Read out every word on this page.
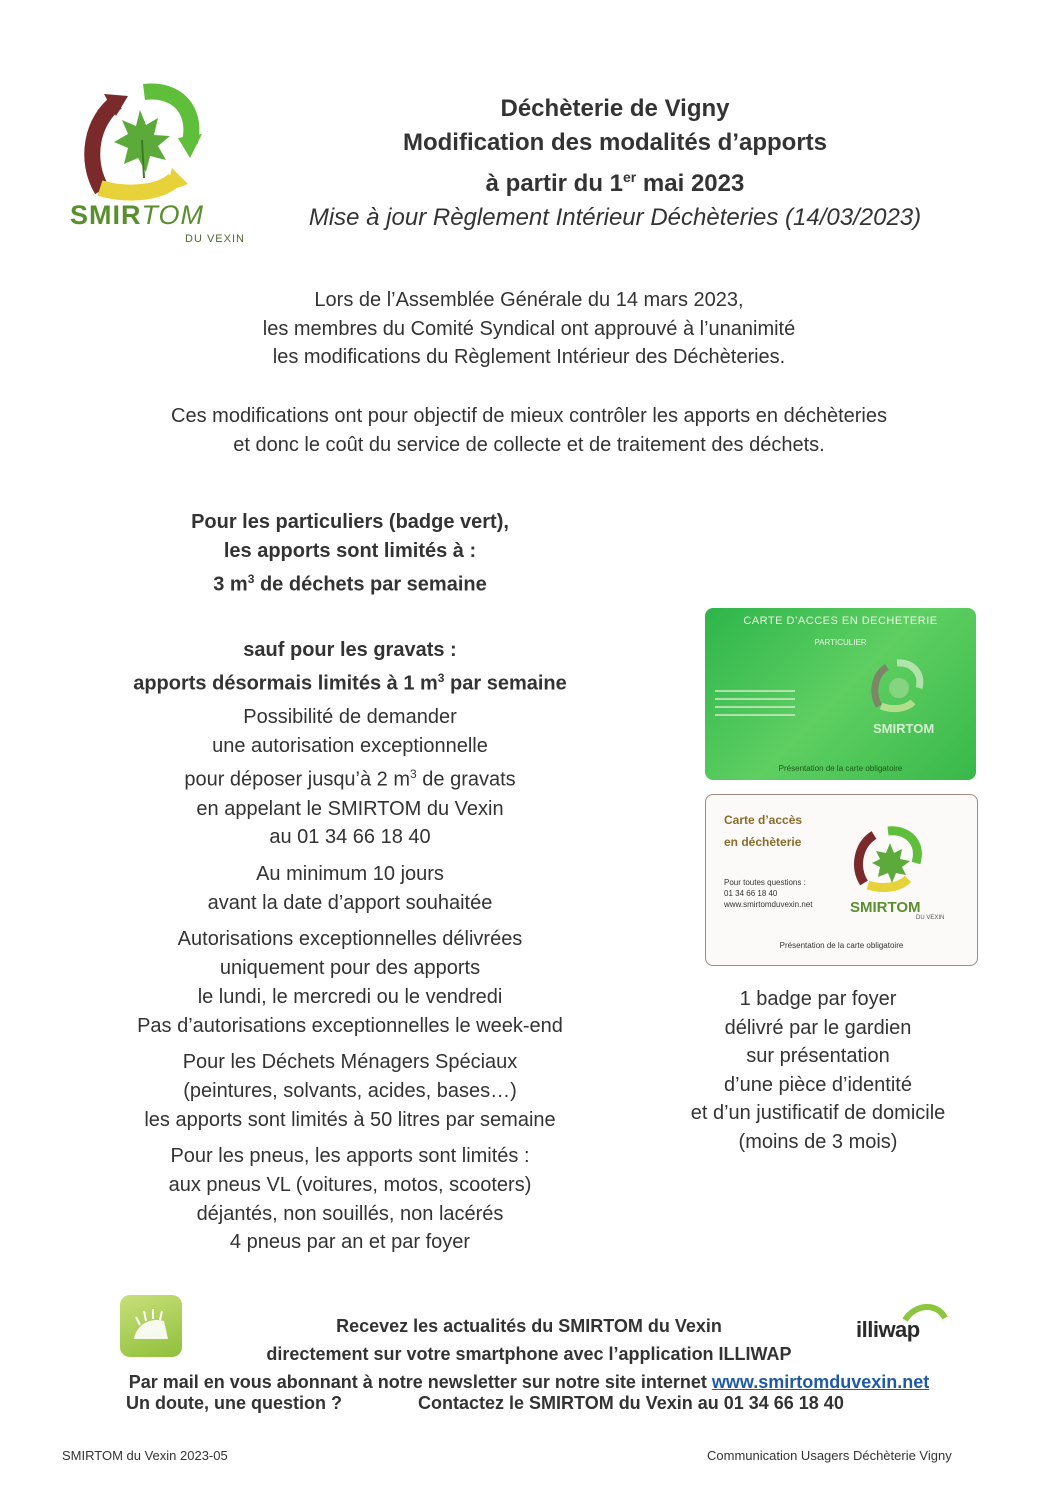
SMIRTOM
DU VEXIN

Déchèterie de Vigny

Modification des modalités d’apports

à partir du 1er mai 2023

Mise à jour Règlement Intérieur Déchèteries (14/03/2023)

Lors de l’Assemblée Générale du 14 mars 2023,

les membres du Comité Syndical ont approuvé à l’unanimité

les modifications du Règlement Intérieur des Déchèteries.

Ces modifications ont pour objectif de mieux contrôler les apports en déchèteries

et donc le coût du service de collecte et de traitement des déchets.

Pour les particuliers (badge vert),

les apports sont limités à :

3 $m^3$ de déchets par semaine

sauf pour les gravats :

apports désormais limités à 1 $m^3$ par semaine

Possibilité de demander

une autorisation exceptionnelle

pour déposer jusqu’à 2 $m^3$ de gravats

en appelant le SMIRTOM du Vexin

au 01 34 66 18 40

Au minimum 10 jours

avant la date d’apport souhaitée

Autorisations exceptionnelles délivrées

uniquement pour des apports

le lundi, le mercredi ou le vendredi

Pas d’autorisations exceptionnelles le week-end

Pour les Déchets Ménagers Spéciaux

(peintures, solvants, acides, bases…)

les apports sont limités à 50 litres par semaine

Pour les pneus, les apports sont limités :

aux pneus VL (voitures, motos, scooters)

déjantés, non souillés, non lacérés

4 pneus par an et par foyer

CARTE D’ACCES EN DECHETERIE
PARTICULIER
SMIRTOM
Présentation de la carte obligatoire

Carte d’accès

en déchèterie

Pour toutes questions :

01 34 66 18 40

www.smirtomduvexin.net	SMIRTOM
DU VEXIN
Présentation de la carte obligatoire

1 badge par foyer

délivré par le gardien

sur présentation

d’une pièce d’identité

et d’un justificatif de domicile

(moins de 3 mois)

illiwap

Recevez les actualités du SMIRTOM du Vexin

directement sur votre smartphone avec l’application ILLIWAP

Par mail en vous abonnant à notre newsletter sur notre site internet www.smirtomduvexin.net

Un doute, une question ?	Contactez le SMIRTOM du Vexin au 01 34 66 18 40
SMIRTOM du Vexin 2023-05	Communication Usagers Déchèterie Vigny
